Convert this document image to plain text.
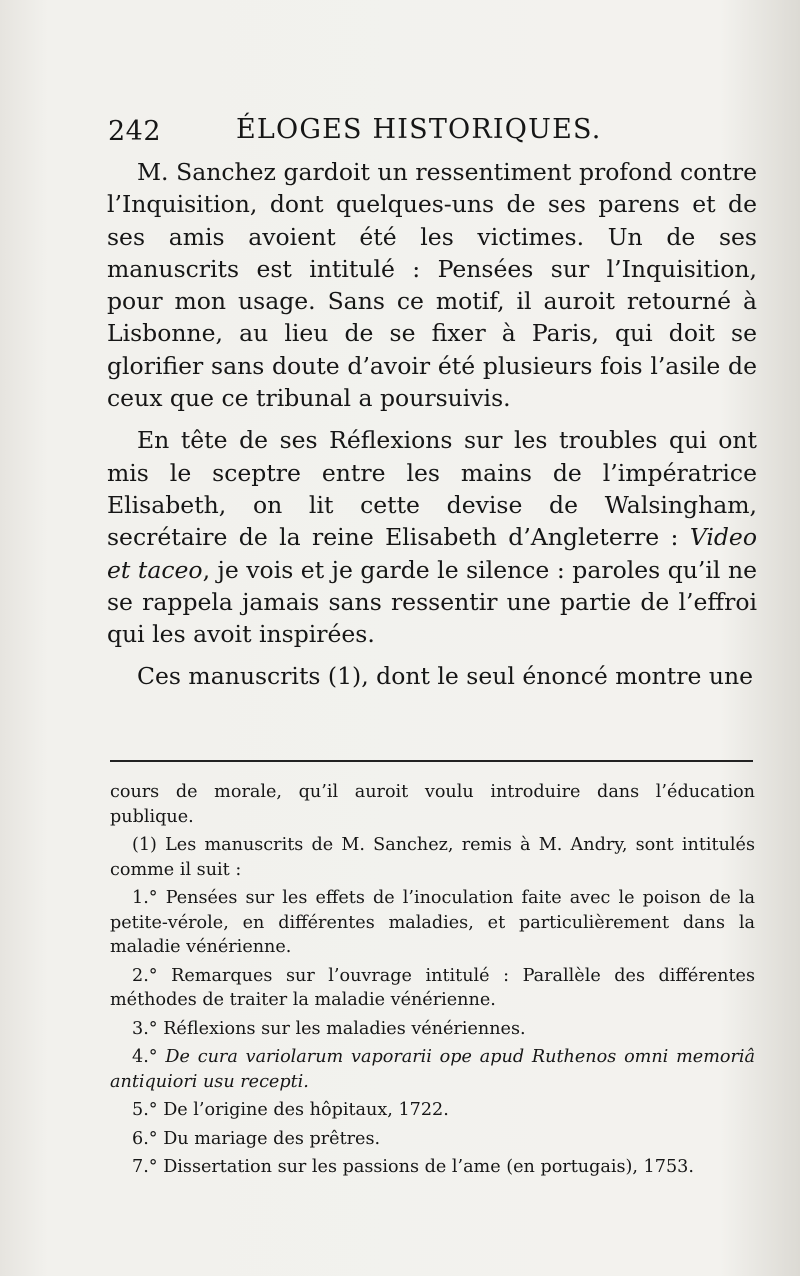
242	ÉLOGES HISTORIQUES.

M. Sanchez gardoit un ressentiment profond contre l’Inquisition, dont quelques-uns de ses parens et de ses amis avoient été les victimes. Un de ses manuscrits est intitulé : Pensées sur l’Inquisition, pour mon usage. Sans ce motif, il auroit retourné à Lisbonne, au lieu de se fixer à Paris, qui doit se glorifier sans doute d’avoir été plusieurs fois l’asile de ceux que ce tribunal a poursuivis.

En tête de ses Réflexions sur les troubles qui ont mis le sceptre entre les mains de l’impératrice Elisabeth, on lit cette devise de Walsingham, secrétaire de la reine Elisabeth d’Angleterre : Video et taceo, je vois et je garde le silence : paroles qu’il ne se rappela jamais sans ressentir une partie de l’effroi qui les avoit inspirées.

Ces manuscrits (1), dont le seul énoncé montre une

cours de morale, qu’il auroit voulu introduire dans l’éducation publique.

(1) Les manuscrits de M. Sanchez, remis à M. Andry, sont intitulés comme il suit :

1.° Pensées sur les effets de l’inoculation faite avec le poison de la petite-vérole, en différentes maladies, et particulièrement dans la maladie vénérienne.

2.° Remarques sur l’ouvrage intitulé : Parallèle des différentes méthodes de traiter la maladie vénérienne.

3.° Réflexions sur les maladies vénériennes.

4.° De cura variolarum vaporarii ope apud Ruthenos omni memoriâ antiquiori usu recepti.

5.° De l’origine des hôpitaux, 1722.

6.° Du mariage des prêtres.

7.° Dissertation sur les passions de l’ame (en portugais), 1753.
